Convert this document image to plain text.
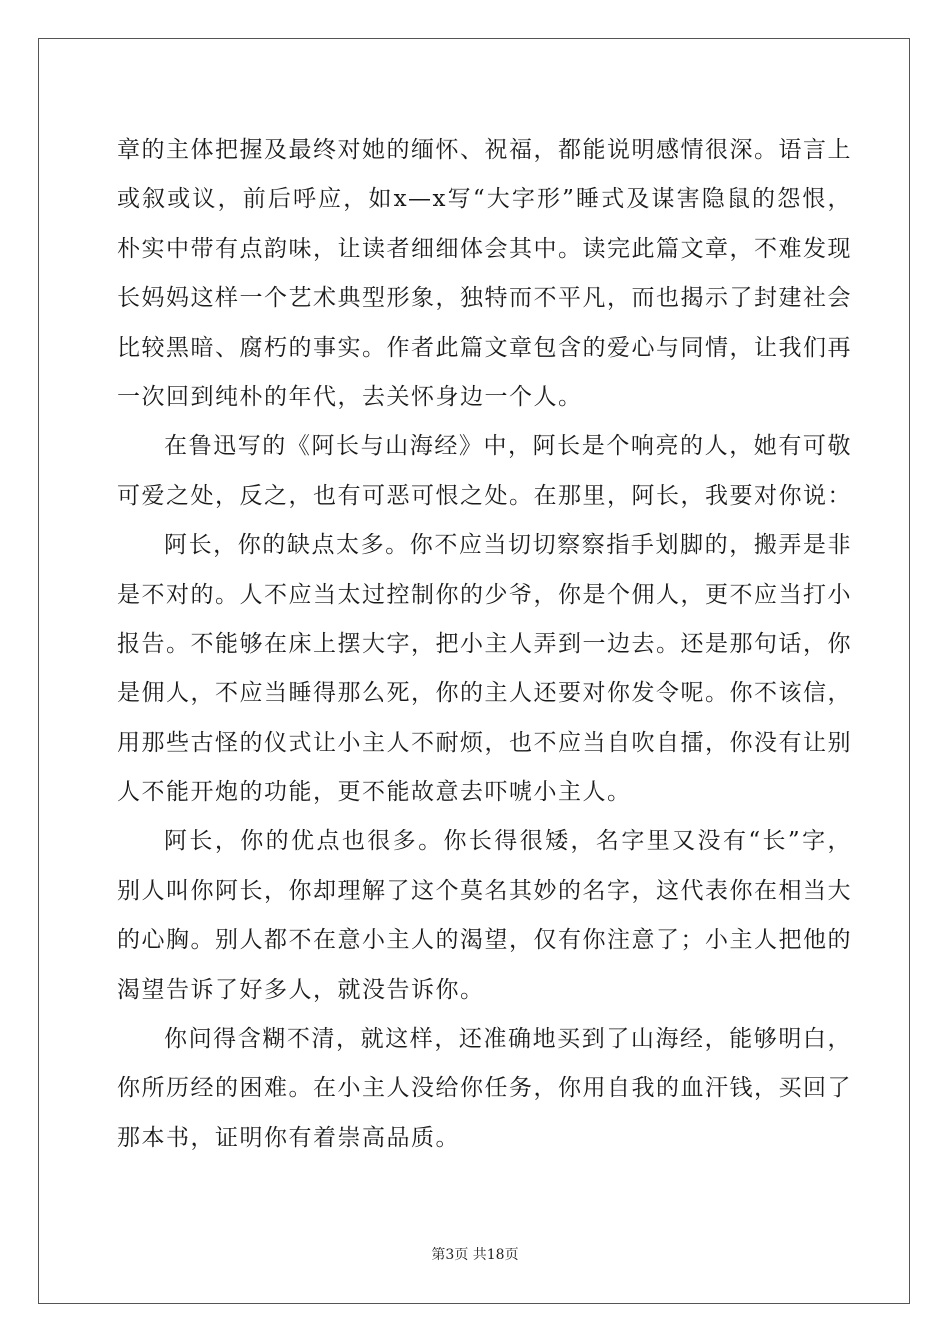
章的主体把握及最终对她的缅怀、祝福，都能说明感情很深。语言上
或叙或议，前后呼应，如x—x写“大字形”睡式及谋害隐鼠的怨恨，
朴实中带有点韵味，让读者细细体会其中。读完此篇文章，不难发现
长妈妈这样一个艺术典型形象，独特而不平凡，而也揭示了封建社会
比较黑暗、腐朽的事实。作者此篇文章包含的爱心与同情，让我们再
一次回到纯朴的年代，去关怀身边一个人。
在鲁迅写的《阿长与山海经》中，阿长是个响亮的人，她有可敬
可爱之处，反之，也有可恶可恨之处。在那里，阿长，我要对你说：
阿长，你的缺点太多。你不应当切切察察指手划脚的，搬弄是非
是不对的。人不应当太过控制你的少爷，你是个佣人，更不应当打小
报告。不能够在床上摆大字，把小主人弄到一边去。还是那句话，你
是佣人，不应当睡得那么死，你的主人还要对你发令呢。你不该信，
用那些古怪的仪式让小主人不耐烦，也不应当自吹自擂，你没有让别
人不能开炮的功能，更不能故意去吓唬小主人。
阿长，你的优点也很多。你长得很矮，名字里又没有“长”字，
别人叫你阿长，你却理解了这个莫名其妙的名字，这代表你在相当大
的心胸。别人都不在意小主人的渴望，仅有你注意了；小主人把他的
渴望告诉了好多人，就没告诉你。
你问得含糊不清，就这样，还准确地买到了山海经，能够明白，
你所历经的困难。在小主人没给你任务，你用自我的血汗钱，买回了
那本书，证明你有着崇高品质。
第3页 共18页
